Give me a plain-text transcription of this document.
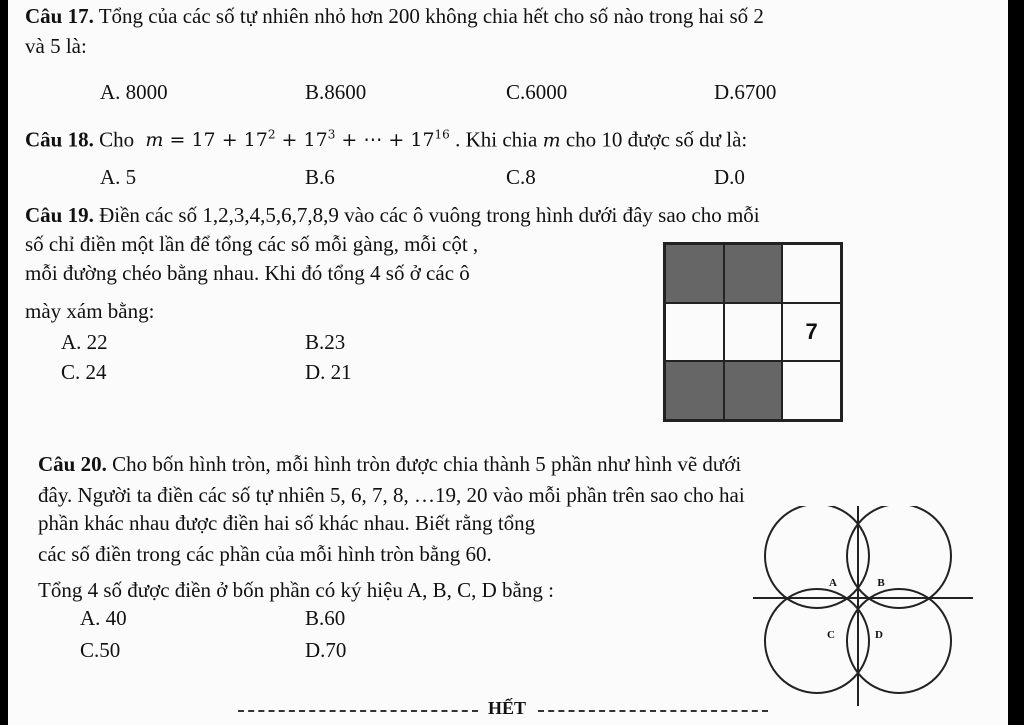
Câu 17. Tổng của các số tự nhiên nhỏ hơn 200 không chia hết cho số nào trong hai số 2
và 5 là:
A. 8000	B.8600	C.6000	D.6700
Câu 18. Cho  $m = 17 + 17^2 + 17^3$ + ⋯ + $17^{16}$ . Khi chia m cho 10 được số dư là:
A. 5	B.6	C.8	D.0
Câu 19. Điền các số 1,2,3,4,5,6,7,8,9 vào các ô vuông trong hình dưới đây sao cho mỗi
số chỉ điền một lần để tổng các số mỗi gàng, mỗi cột ,
mỗi đường chéo bằng nhau. Khi đó tổng 4 số ở các ô
mày xám bằng:
A. 22	B.23
C. 24	D. 21
7
Câu 20. Cho bốn hình tròn, mỗi hình tròn được chia thành 5 phần như hình vẽ dưới
đây. Người ta điền các số tự nhiên 5, 6, 7, 8, …19, 20 vào mỗi phần trên sao cho hai
phần khác nhau được điền hai số khác nhau. Biết rằng tổng
các số điền trong các phần của mỗi hình tròn bằng 60.
Tổng 4 số được điền ở bốn phần có ký hiệu A, B, C, D bằng :
A. 40	B.60
C.50	D.70
A	B
C	D
HẾT
